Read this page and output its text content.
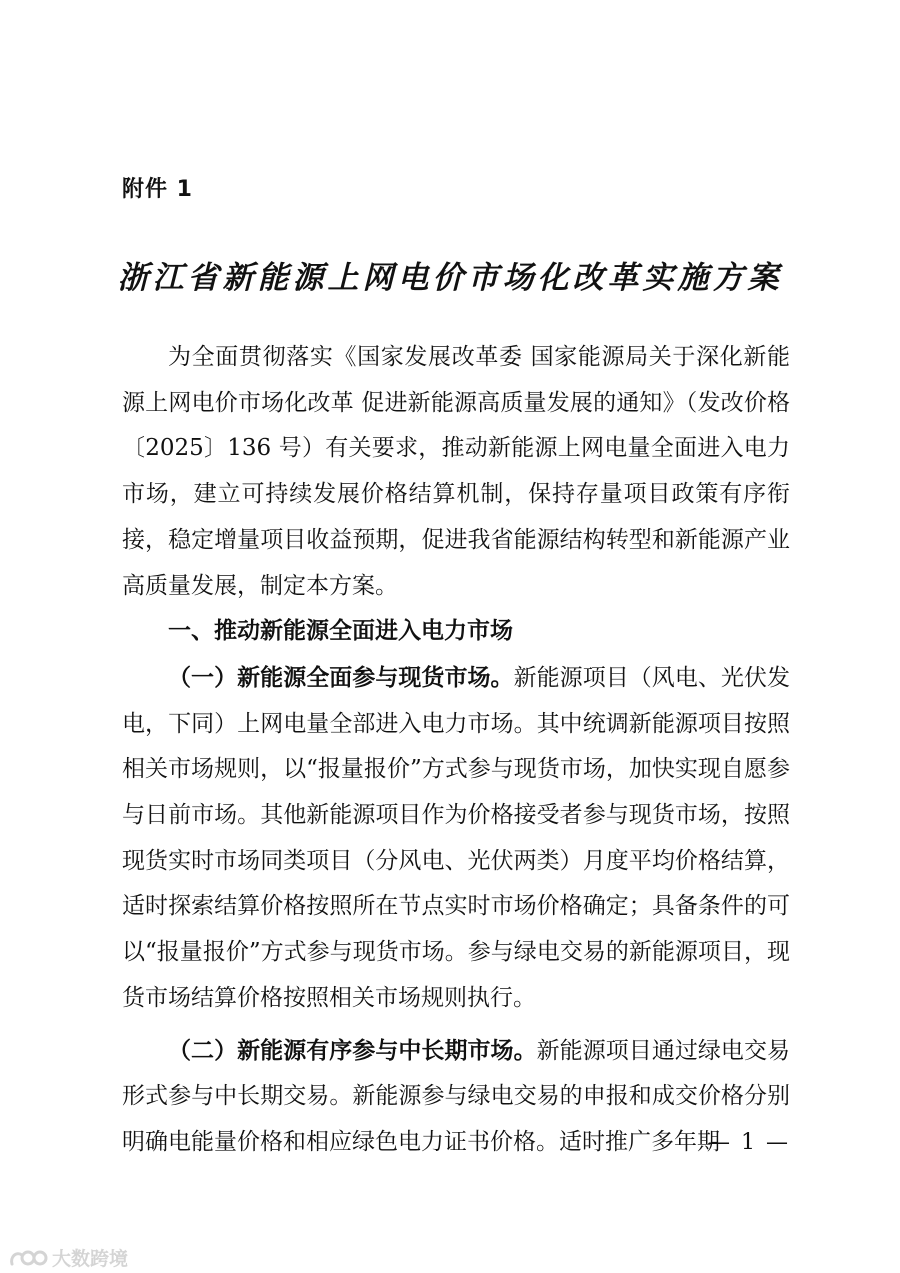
附件 1
浙江省新能源上网电价市场化改革实施方案

为全面贯彻落实《国家发展改革委 国家能源局关于深化新能源上网电价市场化改革 促进新能源高质量发展的通知》（发改价格〔2025〕136 号）有关要求，推动新能源上网电量全面进入电力市场，建立可持续发展价格结算机制，保持存量项目政策有序衔接，稳定增量项目收益预期，促进我省能源结构转型和新能源产业高质量发展，制定本方案。

一、推动新能源全面进入电力市场

（一）新能源全面参与现货市场。新能源项目（风电、光伏发电，下同）上网电量全部进入电力市场。其中统调新能源项目按照相关市场规则，以“报量报价”方式参与现货市场，加快实现自愿参与日前市场。其他新能源项目作为价格接受者参与现货市场，按照现货实时市场同类项目（分风电、光伏两类）月度平均价格结算，适时探索结算价格按照所在节点实时市场价格确定；具备条件的可以“报量报价”方式参与现货市场。参与绿电交易的新能源项目，现货市场结算价格按照相关市场规则执行。

（二）新能源有序参与中长期市场。新能源项目通过绿电交易形式参与中长期交易。新能源参与绿电交易的申报和成交价格分别明确电能量价格和相应绿色电力证书价格。适时推广多年期

— 1 —
大数跨境
